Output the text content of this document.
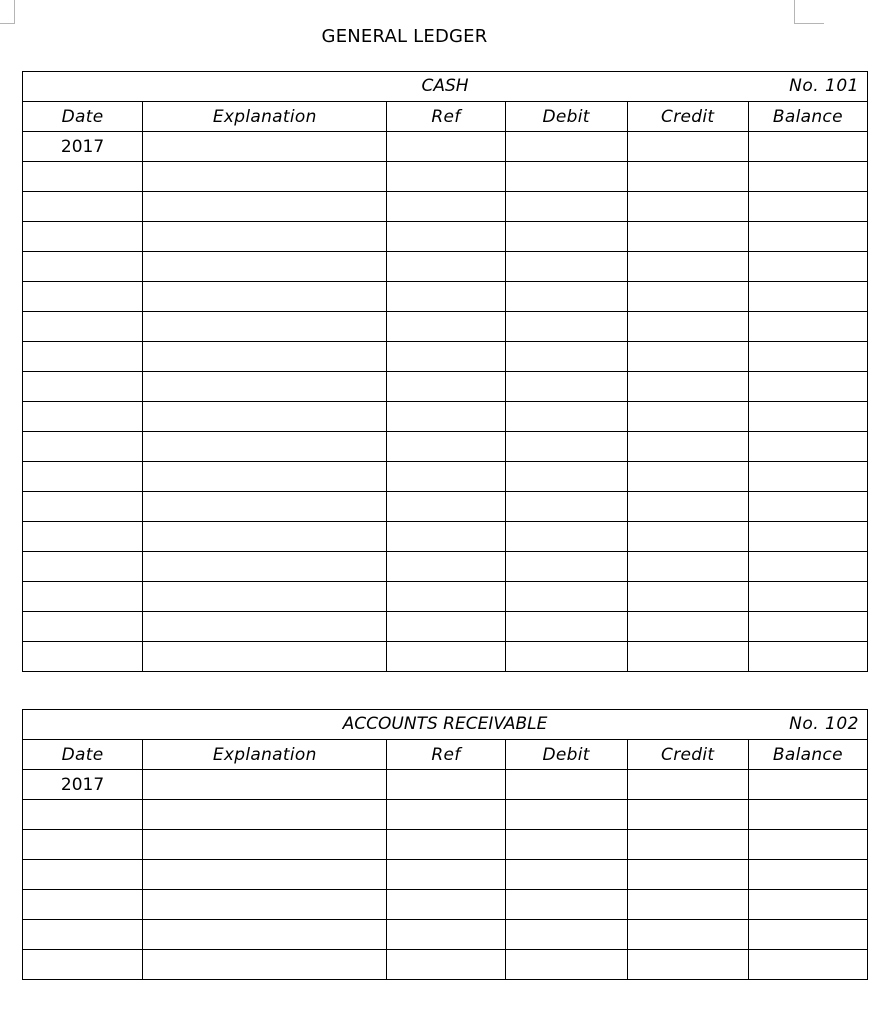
GENERAL LEDGER
CASH No. 101					

Date	Explanation	Ref	Debit	Credit	Balance
2017					

ACCOUNTS RECEIVABLE No. 102					

Date	Explanation	Ref	Debit	Credit	Balance
2017					
